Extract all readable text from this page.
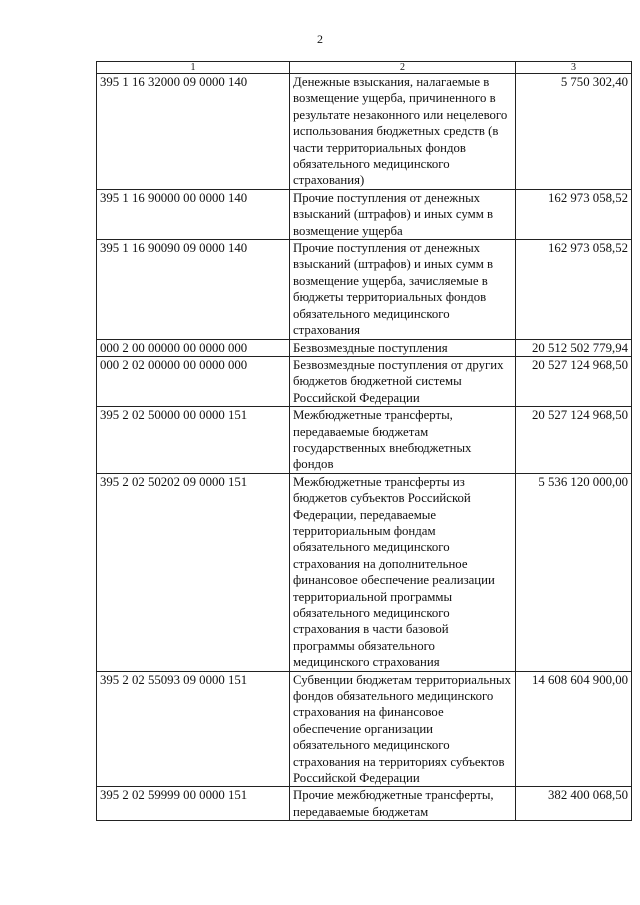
2
1	2	3
395 1 16 32000 09 0000 140	Денежные взыскания, налагаемые в возмещение ущерба, причиненного в результате незаконного или нецелевого использования бюджетных средств (в части территориальных фондов обязательного медицинского страхования)	5 750 302,40
395 1 16 90000 00 0000 140	Прочие поступления от денежных взысканий (штрафов) и иных сумм в возмещение ущерба	162 973 058,52
395 1 16 90090 09 0000 140	Прочие поступления от денежных взысканий (штрафов) и иных сумм в возмещение ущерба, зачисляемые в бюджеты территориальных фондов обязательного медицинского страхования	162 973 058,52
000 2 00 00000 00 0000 000	Безвозмездные поступления	20 512 502 779,94
000 2 02 00000 00 0000 000	Безвозмездные поступления от других бюджетов бюджетной системы Российской Федерации	20 527 124 968,50
395 2 02 50000 00 0000 151	Межбюджетные трансферты, передаваемые бюджетам государственных внебюджетных фондов	20 527 124 968,50
395 2 02 50202 09 0000 151	Межбюджетные трансферты из бюджетов субъектов Российской Федерации, передаваемые территориальным фондам обязательного медицинского страхования на дополнительное финансовое обеспечение реализации территориальной программы обязательного медицинского страхования в части базовой программы обязательного медицинского страхования	5 536 120 000,00
395 2 02 55093 09 0000 151	Субвенции бюджетам территориальных фондов обязательного медицинского страхования на финансовое обеспечение организации обязательного медицинского страхования на территориях субъектов Российской Федерации	14 608 604 900,00
395 2 02 59999 00 0000 151	Прочие межбюджетные трансферты, передаваемые бюджетам	382 400 068,50
